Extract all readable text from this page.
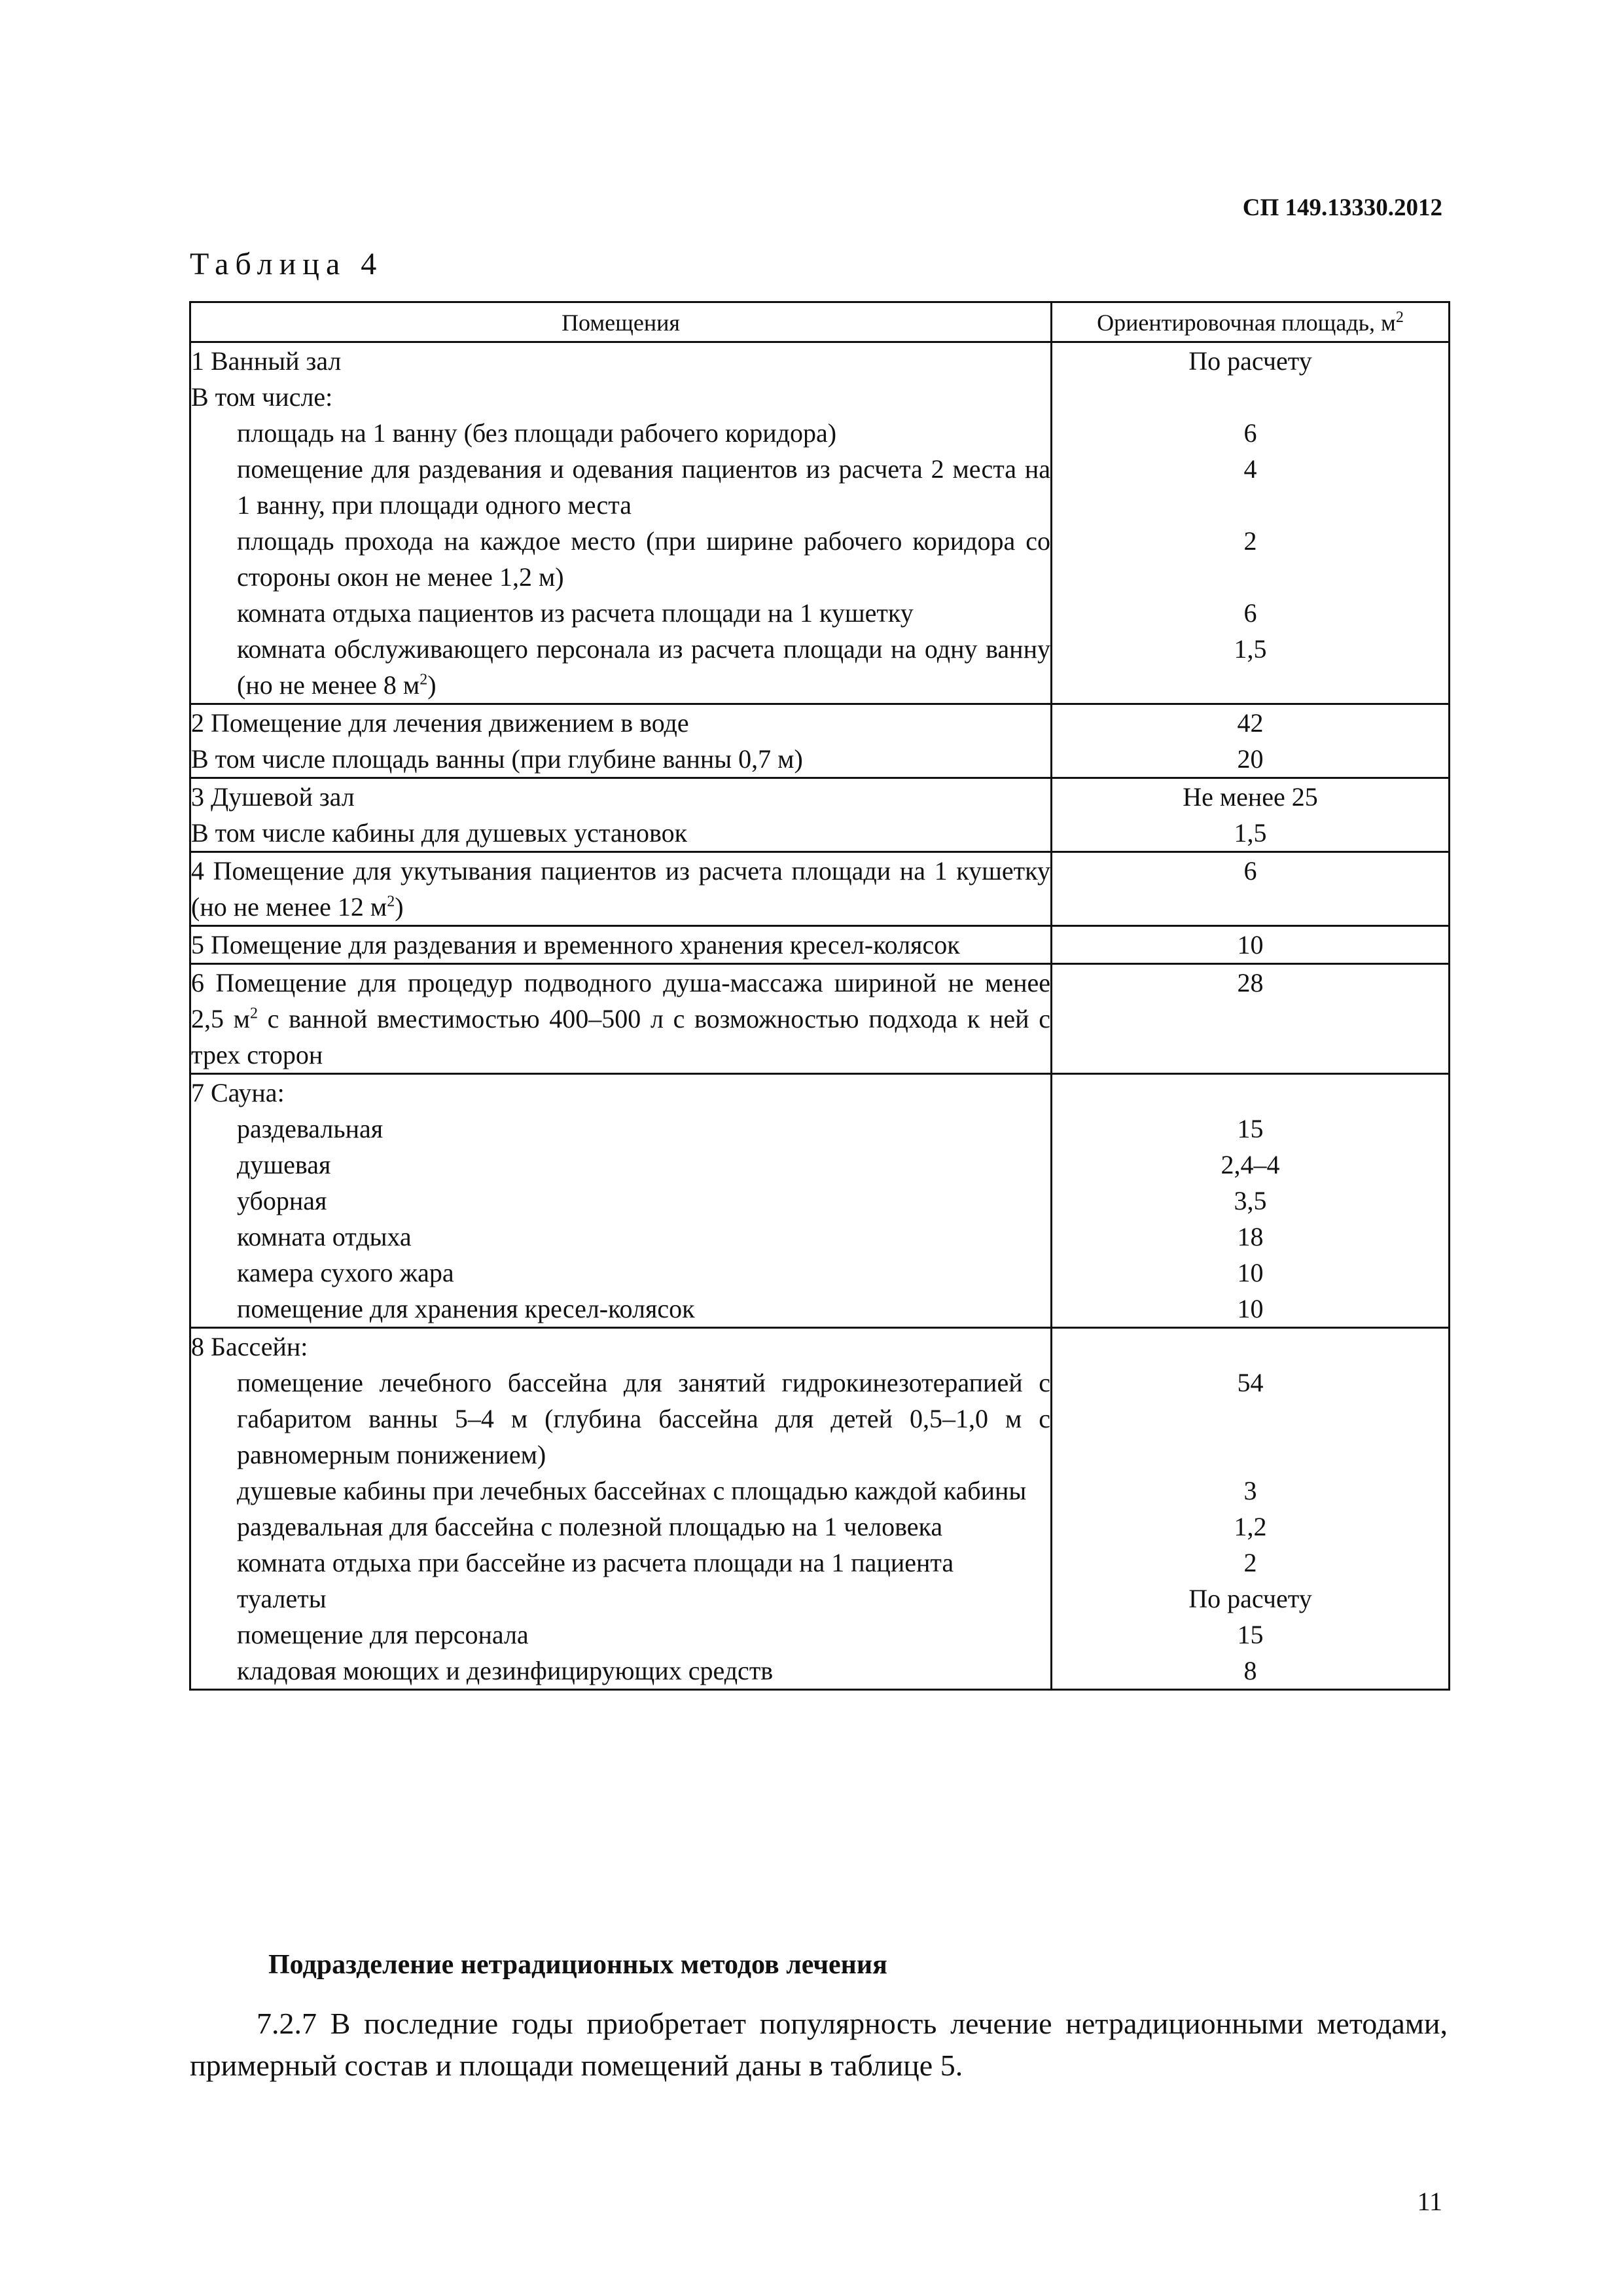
СП 149.13330.2012
Таблица 4
Помещения	Ориентировочная площадь, $м^2$
1 Ванный зал	По расчету
В том числе:	
площадь на 1 ванну (без площади рабочего коридора)	6
помещение для раздевания и одевания пациентов из расчета 2 места на 1 ванну, при площади одного места	4
площадь прохода на каждое место (при ширине рабочего коридора со стороны окон не менее 1,2 м)	2
комната отдыха пациентов из расчета площади на 1 кушетку	6
комната обслуживающего персонала из расчета площади на одну ванну (но не менее 8 $м^2$)	1,5
2 Помещение для лечения движением в воде	42
В том числе площадь ванны (при глубине ванны 0,7 м)	20
3 Душевой зал	Не менее 25
В том числе кабины для душевых установок	1,5
4 Помещение для укутывания пациентов из расчета площади на 1 кушетку (но не менее 12 $м^2$)	6
5 Помещение для раздевания и временного хранения кресел-колясок	10
6 Помещение для процедур подводного душа-массажа шириной не менее 2,5 $м^2$ с ванной вместимостью 400–500 л с возможностью подхода к ней с трех сторон	28
7 Сауна:	
раздевальная	15
душевая	2,4–4
уборная	3,5
комната отдыха	18
камера сухого жара	10
помещение для хранения кресел-колясок	10
8 Бассейн:	
помещение лечебного бассейна для занятий гидрокинезотерапией с габаритом ванны 5–4 м (глубина бассейна для детей 0,5–1,0 м с равномерным понижением)	54
душевые кабины при лечебных бассейнах с площадью каждой кабины	3
раздевальная для бассейна с полезной площадью на 1 человека	1,2
комната отдыха при бассейне из расчета площади на 1 пациента	2
туалеты	По расчету
помещение для персонала	15
кладовая моющих и дезинфицирующих средств	8
Подразделение нетрадиционных методов лечения
7.2.7 В последние годы приобретает популярность лечение нетрадиционными методами, примерный состав и площади помещений даны в таблице 5.
11
